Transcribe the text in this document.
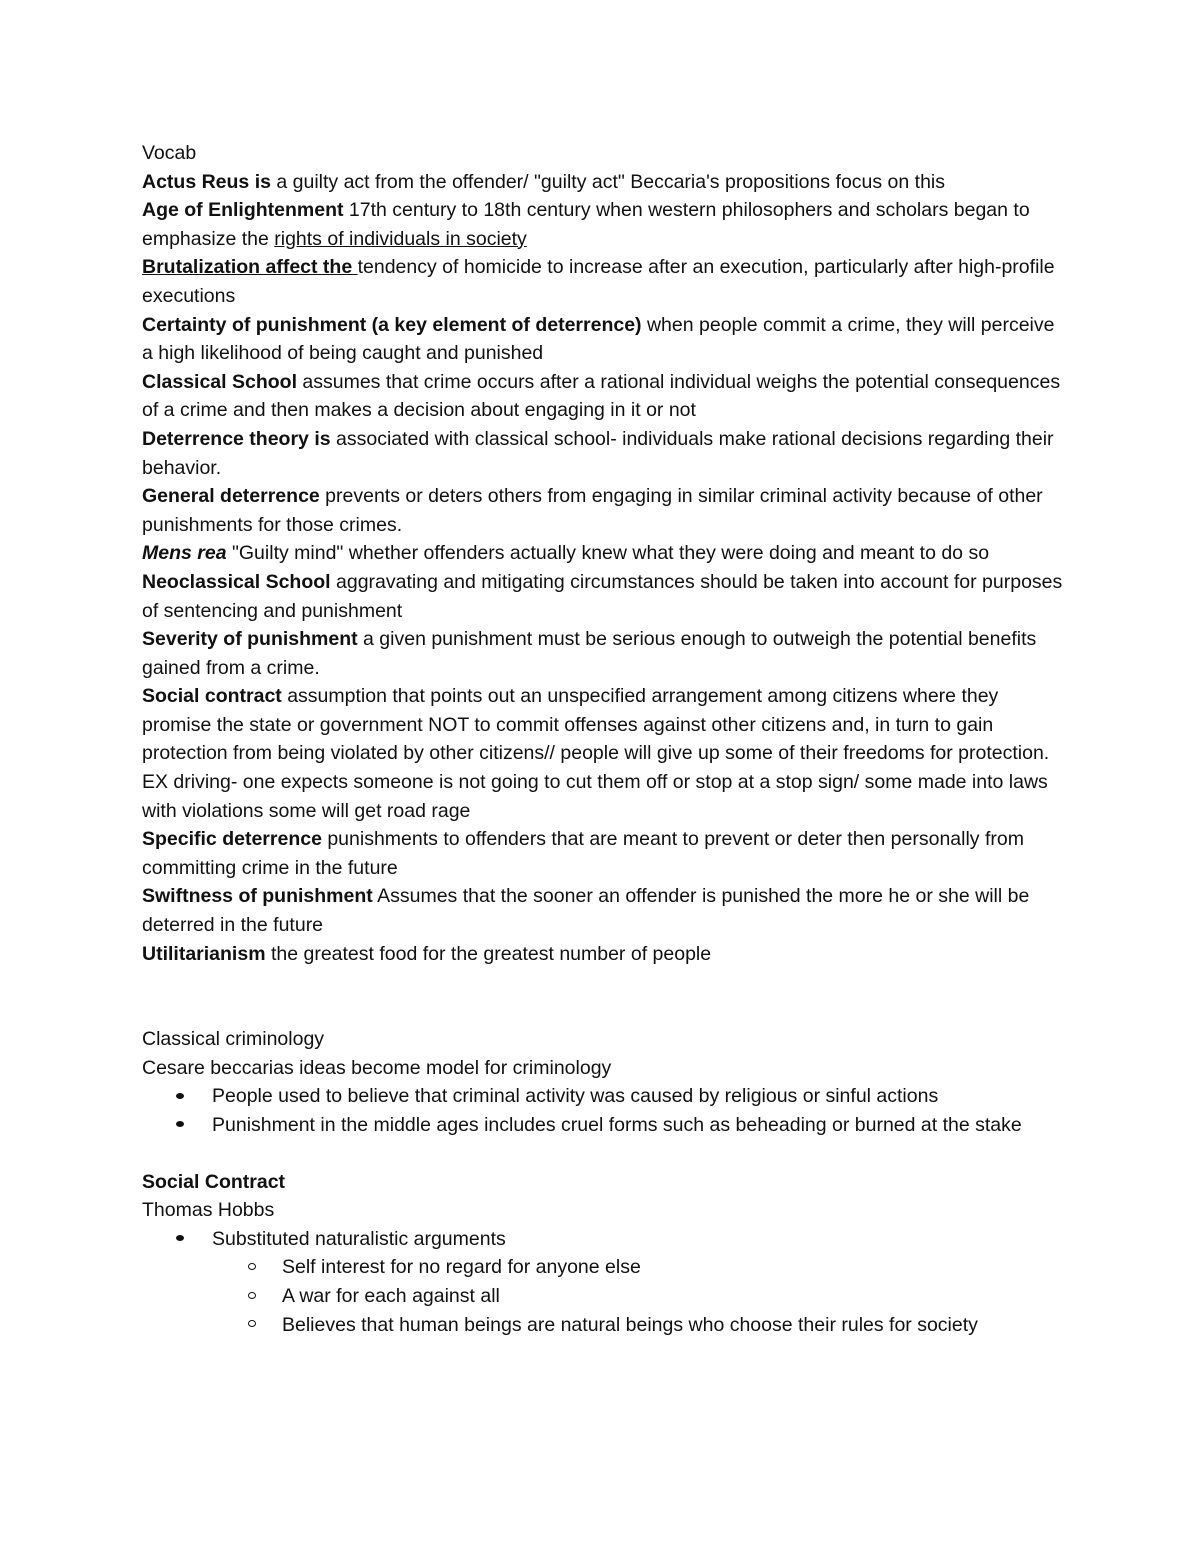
Vocab

Actus Reus is a guilty act from the offender/ "guilty act" Beccaria's propositions focus on this

Age of Enlightenment 17th century to 18th century when western philosophers and scholars began to emphasize the rights of individuals in society

Brutalization affect the tendency of homicide to increase after an execution, particularly after high-profile executions

Certainty of punishment (a key element of deterrence) when people commit a crime, they will perceive a high likelihood of being caught and punished

Classical School assumes that crime occurs after a rational individual weighs the potential consequences of a crime and then makes a decision about engaging in it or not

Deterrence theory is associated with classical school- individuals make rational decisions regarding their behavior.

General deterrence prevents or deters others from engaging in similar criminal activity because of other punishments for those crimes.

Mens rea "Guilty mind" whether offenders actually knew what they were doing and meant to do so

Neoclassical School aggravating and mitigating circumstances should be taken into account for purposes of sentencing and punishment

Severity of punishment a given punishment must be serious enough to outweigh the potential benefits gained from a crime.

Social contract assumption that points out an unspecified arrangement among citizens where they promise the state or government NOT to commit offenses against other citizens and, in turn to gain protection from being violated by other citizens// people will give up some of their freedoms for protection. EX driving- one expects someone is not going to cut them off or stop at a stop sign/ some made into laws with violations some will get road rage

Specific deterrence punishments to offenders that are meant to prevent or deter then personally from committing crime in the future

Swiftness of punishment Assumes that the sooner an offender is punished the more he or she will be deterred in the future

Utilitarianism the greatest food for the greatest number of people

Classical criminology

Cesare beccarias ideas become model for criminology

People used to believe that criminal activity was caused by religious or sinful actions
Punishment in the middle ages includes cruel forms such as beheading or burned at the stake

Social Contract

Thomas Hobbs

Substituted naturalistic arguments
Self interest for no regard for anyone else
A war for each against all
Believes that human beings are natural beings who choose their rules for society
